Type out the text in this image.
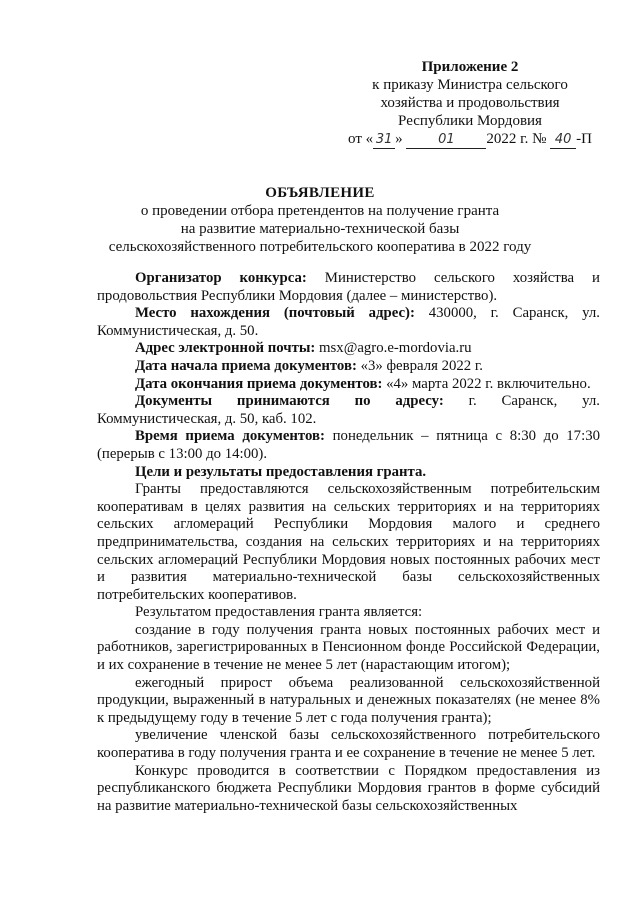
Приложение 2
к приказу Министра сельского
хозяйства и продовольствия
Республики Мордовия
от « 31 »	01 2022 г. № 40 -П
ОБЪЯВЛЕНИЕ
о проведении отбора претендентов на получение гранта
на развитие материально-технической базы
сельскохозяйственного потребительского кооператива в 2022 году

Организатор конкурса: Министерство сельского хозяйства и продовольствия Республики Мордовия (далее – министерство).

Место нахождения (почтовый адрес): 430000, г. Саранск, ул. Коммунистическая, д. 50.

Адрес электронной почты: msx@agro.e-mordovia.ru

Дата начала приема документов: «3» февраля 2022 г.

Дата окончания приема документов: «4» марта 2022 г. включительно.

Документы принимаются по адресу: г. Саранск, ул. Коммунистическая, д. 50, каб. 102.

Время приема документов: понедельник – пятница с 8:30 до 17:30 (перерыв с 13:00 до 14:00).

Цели и результаты предоставления гранта.

Гранты предоставляются сельскохозяйственным потребительским кооперативам в целях развития на сельских территориях и на территориях сельских агломераций Республики Мордовия малого и среднего предпринимательства, создания на сельских территориях и на территориях сельских агломераций Республики Мордовия новых постоянных рабочих мест и развития материально-технической базы сельскохозяйственных потребительских кооперативов.

Результатом предоставления гранта является:

создание в году получения гранта новых постоянных рабочих мест и работников, зарегистрированных в Пенсионном фонде Российской Федерации, и их сохранение в течение не менее 5 лет (нарастающим итогом);

ежегодный прирост объема реализованной сельскохозяйственной продукции, выраженный в натуральных и денежных показателях (не менее 8% к предыдущему году в течение 5 лет с года получения гранта);

увеличение членской базы сельскохозяйственного потребительского кооператива в году получения гранта и ее сохранение в течение не менее 5 лет.

Конкурс проводится в соответствии с Порядком предоставления из республиканского бюджета Республики Мордовия грантов в форме субсидий на развитие материально-технической базы сельскохозяйственных
